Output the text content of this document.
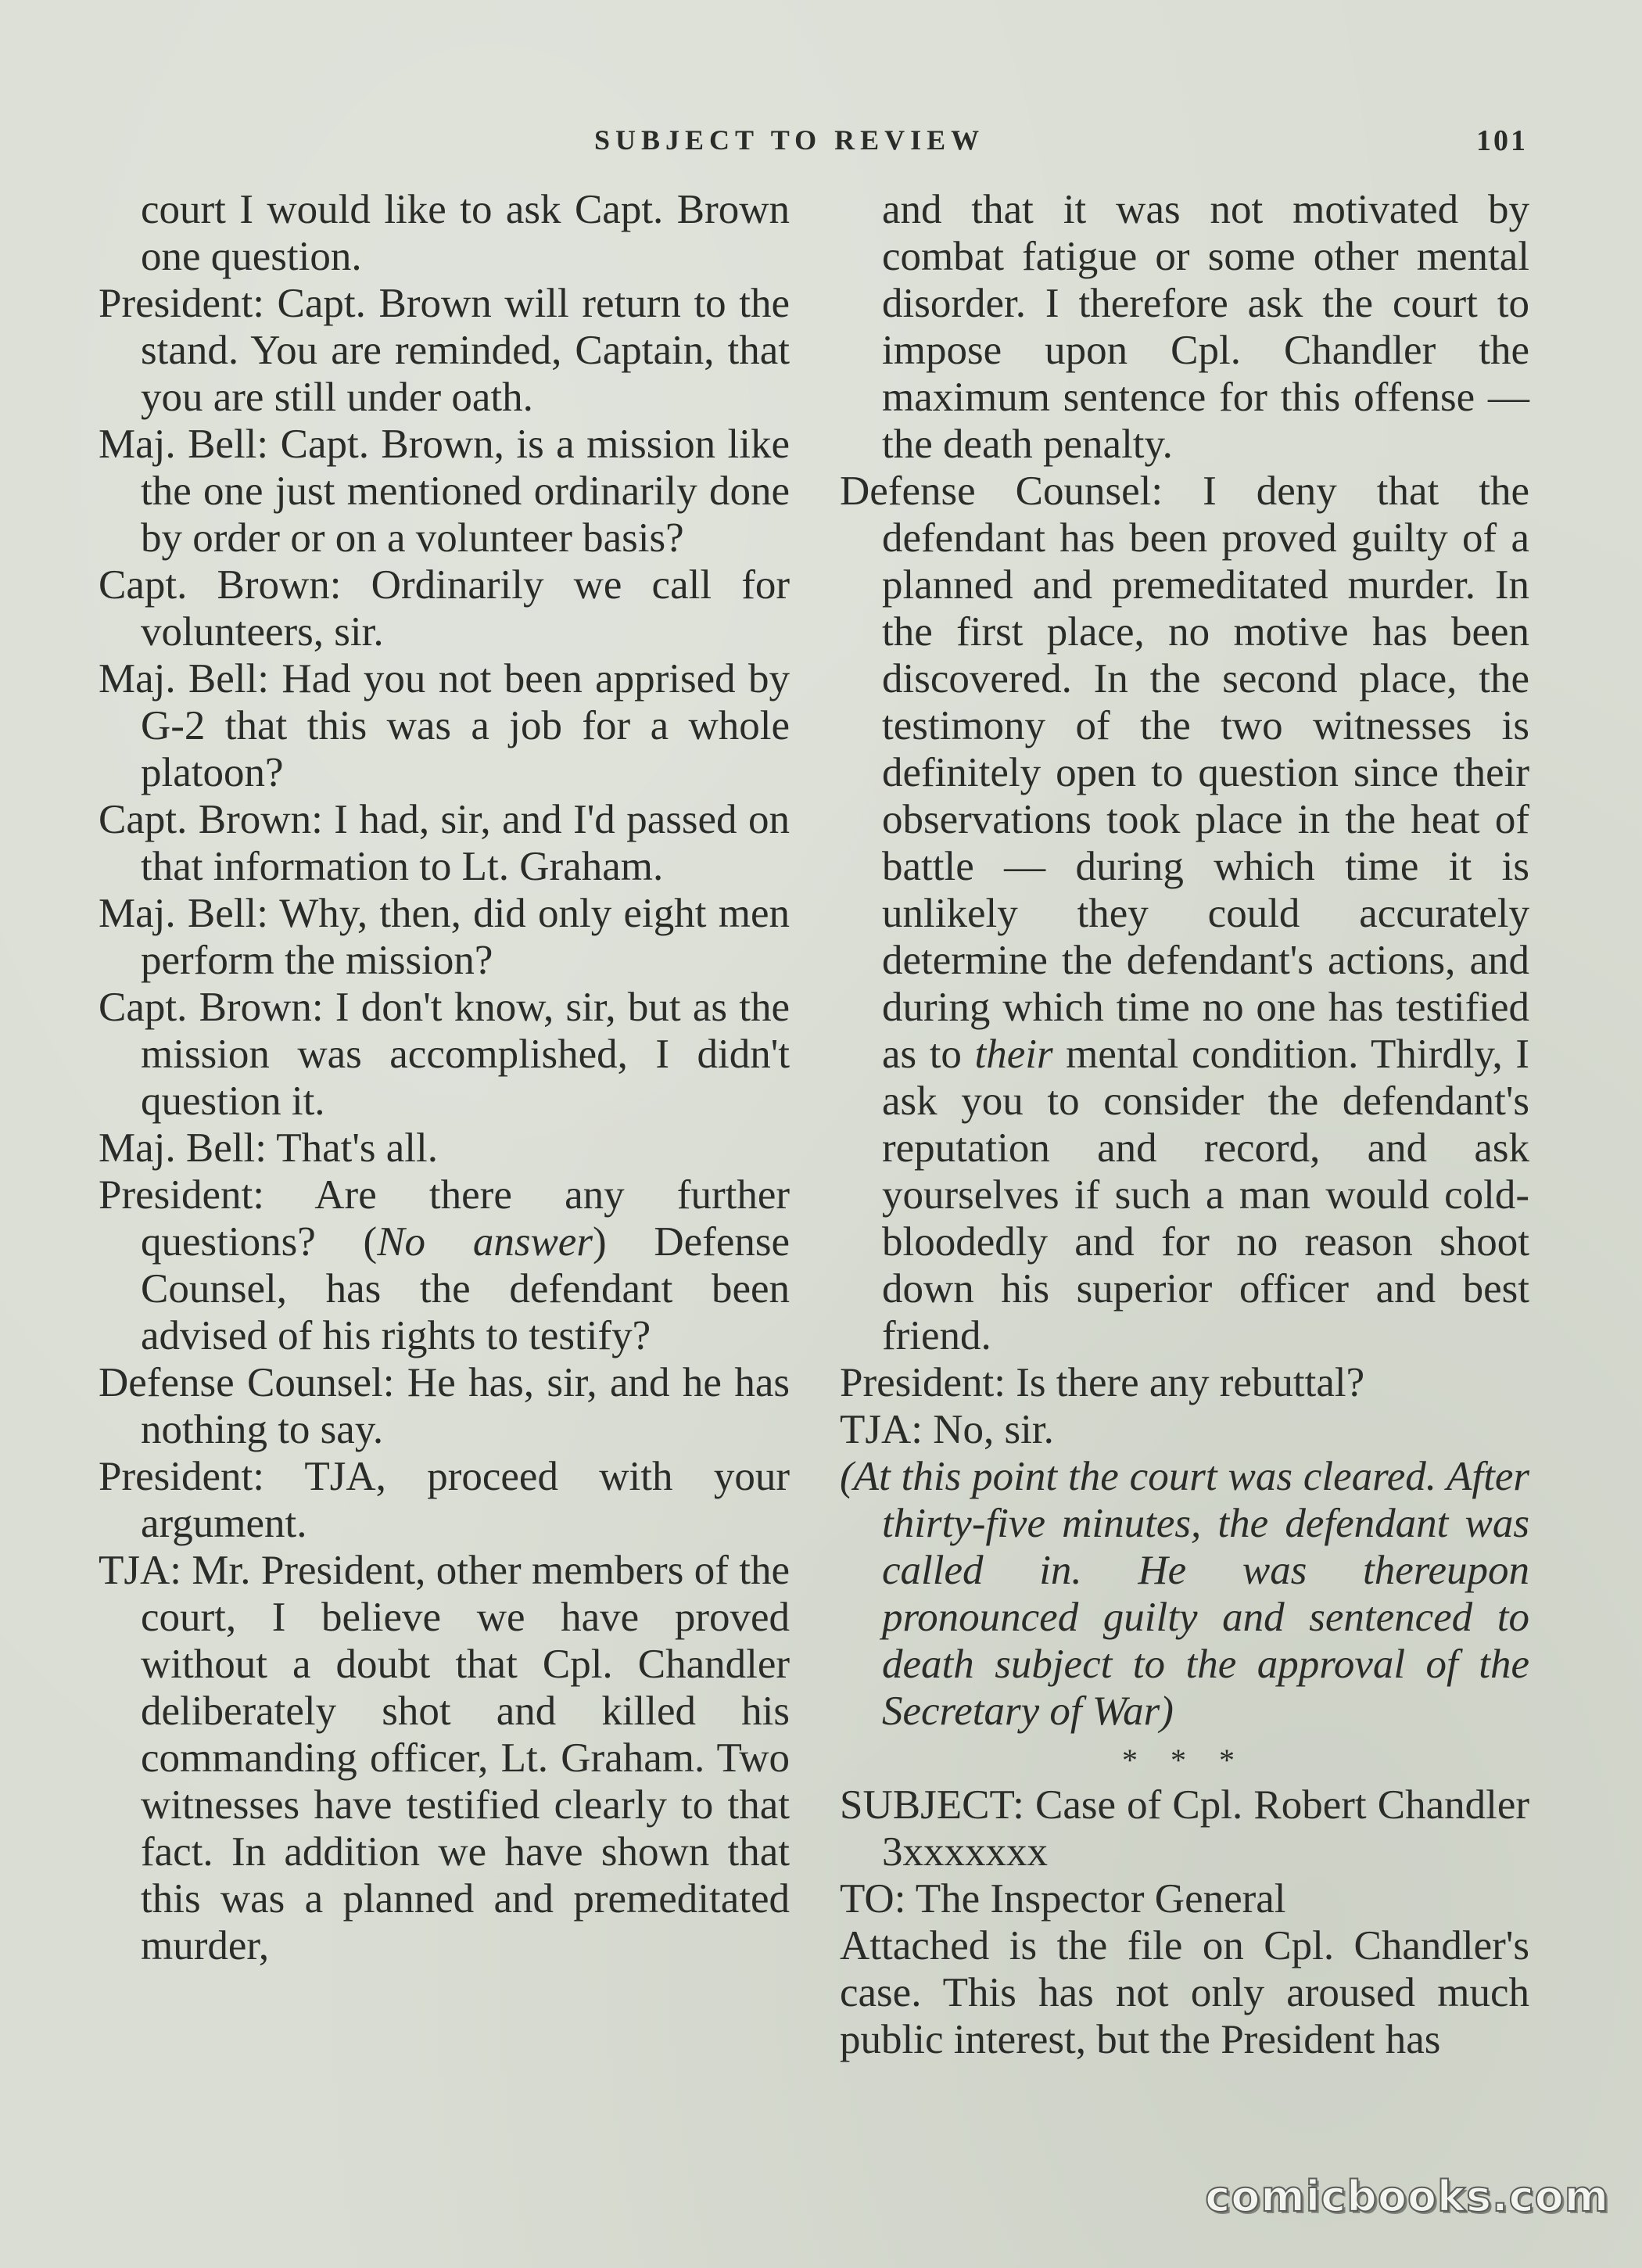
SUBJECT TO REVIEW	101

court I would like to ask Capt. Brown one question.

President: Capt. Brown will return to the stand. You are reminded, Captain, that you are still under oath.

Maj. Bell: Capt. Brown, is a mission like the one just mentioned ordinarily done by order or on a volunteer basis?

Capt. Brown: Ordinarily we call for volunteers, sir.

Maj. Bell: Had you not been apprised by G-2 that this was a job for a whole platoon?

Capt. Brown: I had, sir, and I'd passed on that information to Lt. Graham.

Maj. Bell: Why, then, did only eight men perform the mission?

Capt. Brown: I don't know, sir, but as the mission was accomplished, I didn't question it.

Maj. Bell: That's all.

President: Are there any further questions? (No answer) Defense Counsel, has the defendant been advised of his rights to testify?

Defense Counsel: He has, sir, and he has nothing to say.

President: TJA, proceed with your argument.

TJA: Mr. President, other members of the court, I believe we have proved without a doubt that Cpl. Chandler deliberately shot and killed his commanding officer, Lt. Graham. Two witnesses have testified clearly to that fact. In addition we have shown that this was a planned and premeditated murder,

and that it was not motivated by combat fatigue or some other mental disorder. I therefore ask the court to impose upon Cpl. Chandler the maximum sentence for this offense — the death penalty.

Defense Counsel: I deny that the defendant has been proved guilty of a planned and premeditated murder. In the first place, no motive has been discovered. In the second place, the testimony of the two witnesses is definitely open to question since their observations took place in the heat of battle — during which time it is unlikely they could accurately determine the defendant's actions, and during which time no one has testified as to their mental condition. Thirdly, I ask you to consider the defendant's reputation and record, and ask yourselves if such a man would cold-bloodedly and for no reason shoot down his superior officer and best friend.

President: Is there any rebuttal?

TJA: No, sir.

(At this point the court was cleared. After thirty-five minutes, the defendant was called in. He was thereupon pronounced guilty and sentenced to death subject to the approval of the Secretary of War)

* * *

SUBJECT: Case of Cpl. Robert Chandler 3xxxxxxx

TO: The Inspector General

Attached is the file on Cpl. Chandler's case. This has not only aroused much public interest, but the President has

comicbooks.com
